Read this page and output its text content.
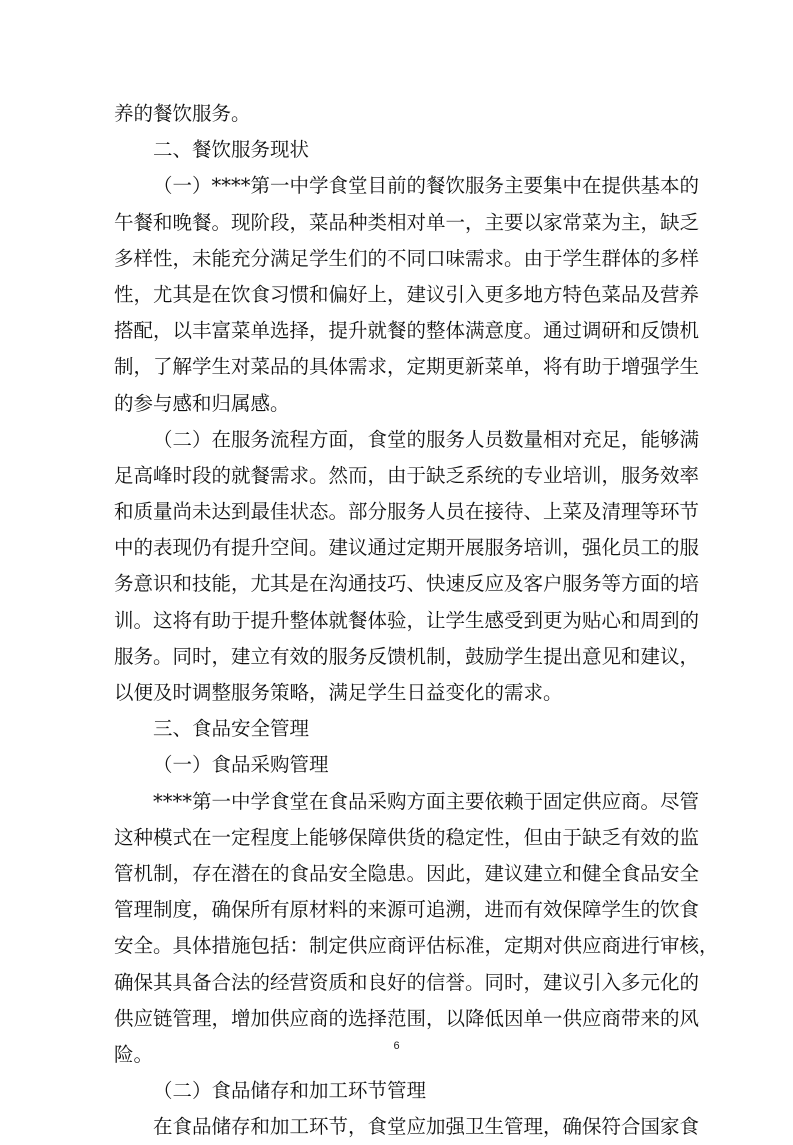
养的餐饮服务。
二、餐饮服务现状
（一）****第一中学食堂目前的餐饮服务主要集中在提供基本的
午餐和晚餐。现阶段，菜品种类相对单一，主要以家常菜为主，缺乏
多样性，未能充分满足学生们的不同口味需求。由于学生群体的多样
性，尤其是在饮食习惯和偏好上，建议引入更多地方特色菜品及营养
搭配，以丰富菜单选择，提升就餐的整体满意度。通过调研和反馈机
制，了解学生对菜品的具体需求，定期更新菜单，将有助于增强学生
的参与感和归属感。
（二）在服务流程方面，食堂的服务人员数量相对充足，能够满
足高峰时段的就餐需求。然而，由于缺乏系统的专业培训，服务效率
和质量尚未达到最佳状态。部分服务人员在接待、上菜及清理等环节
中的表现仍有提升空间。建议通过定期开展服务培训，强化员工的服
务意识和技能，尤其是在沟通技巧、快速反应及客户服务等方面的培
训。这将有助于提升整体就餐体验，让学生感受到更为贴心和周到的
服务。同时，建立有效的服务反馈机制，鼓励学生提出意见和建议，
以便及时调整服务策略，满足学生日益变化的需求。
三、食品安全管理
（一）食品采购管理
****第一中学食堂在食品采购方面主要依赖于固定供应商。尽管
这种模式在一定程度上能够保障供货的稳定性，但由于缺乏有效的监
管机制，存在潜在的食品安全隐患。因此，建议建立和健全食品安全
管理制度，确保所有原材料的来源可追溯，进而有效保障学生的饮食
安全。具体措施包括：制定供应商评估标准，定期对供应商进行审核，
确保其具备合法的经营资质和良好的信誉。同时，建议引入多元化的
供应链管理，增加供应商的选择范围，以降低因单一供应商带来的风
险。
（二）食品储存和加工环节管理
在食品储存和加工环节，食堂应加强卫生管理，确保符合国家食
6
